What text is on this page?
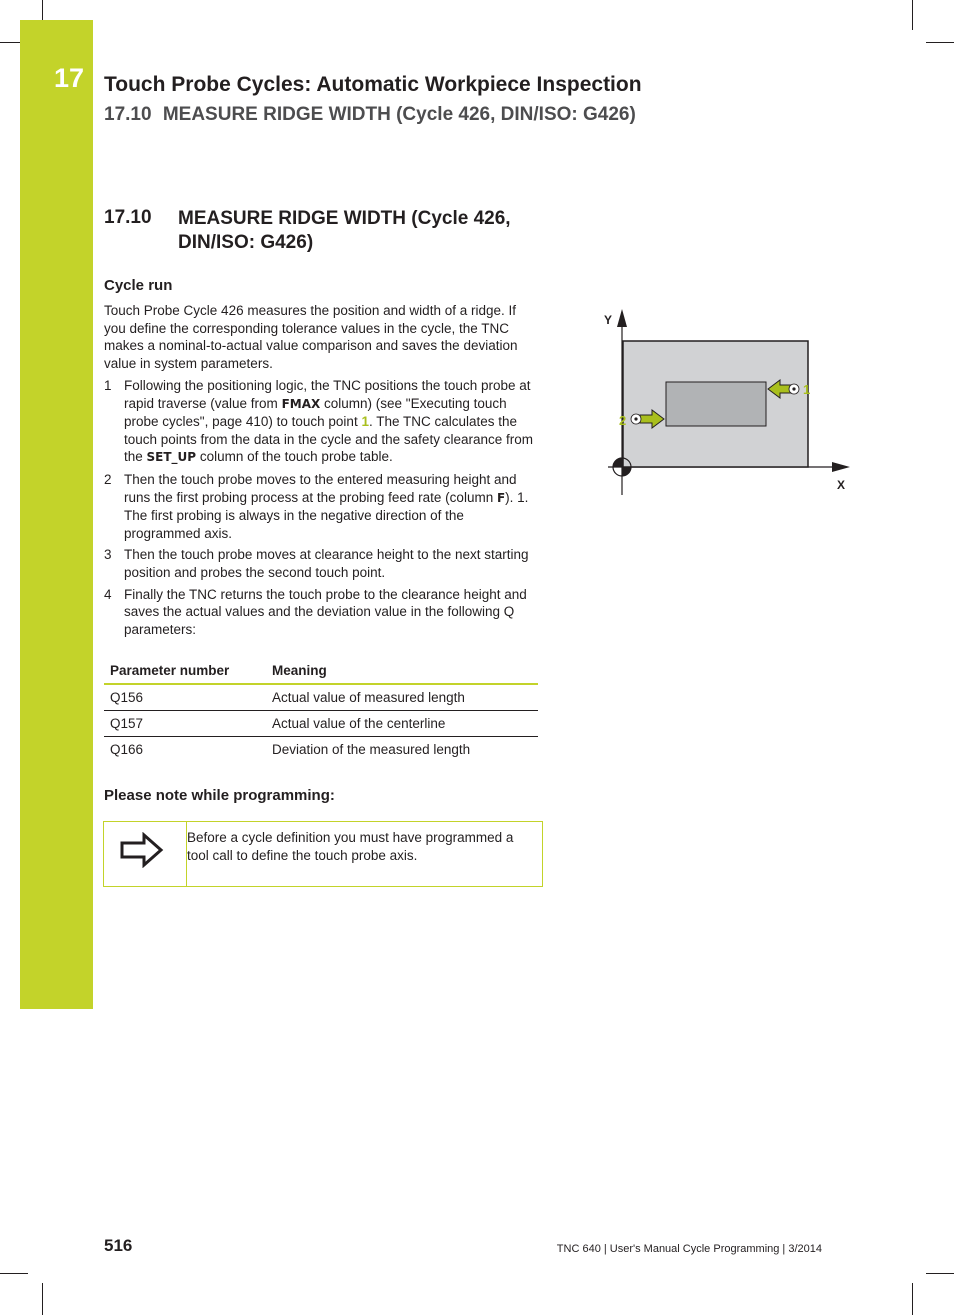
17 Touch Probe Cycles: Automatic Workpiece Inspection
17.10 MEASURE RIDGE WIDTH (Cycle 426, DIN/ISO: G426)
17.10 MEASURE RIDGE WIDTH (Cycle 426,
DIN/ISO: G426)
Cycle run
Touch Probe Cycle 426 measures the position and width of a ridge. If you define the corresponding tolerance values in the cycle, the TNC makes a nominal-to-actual value comparison and saves the deviation value in system parameters.
1 Following the positioning logic, the TNC positions the touch probe at rapid traverse (value from FMAX column) (see "Executing touch probe cycles", page 410) to touch point 1. The TNC calculates the touch points from the data in the cycle and the safety clearance from the SET_UP column of the touch probe table.
2 Then the touch probe moves to the entered measuring height and runs the first probing process at the probing feed rate (column F). 1. The first probing is always in the negative direction of the programmed axis.
3 Then the touch probe moves at clearance height to the next starting position and probes the second touch point.
4 Finally the TNC returns the touch probe to the clearance height and saves the actual values and the deviation value in the following Q parameters:
Parameter number	Meaning
Q156	Actual value of measured length
Q157	Actual value of the centerline
Q166	Deviation of the measured length
Please note while programming:
Before a cycle definition you must have programmed a tool call to define the touch probe axis.
1
2
Y
X
516	TNC 640 | User's Manual Cycle Programming | 3/2014
